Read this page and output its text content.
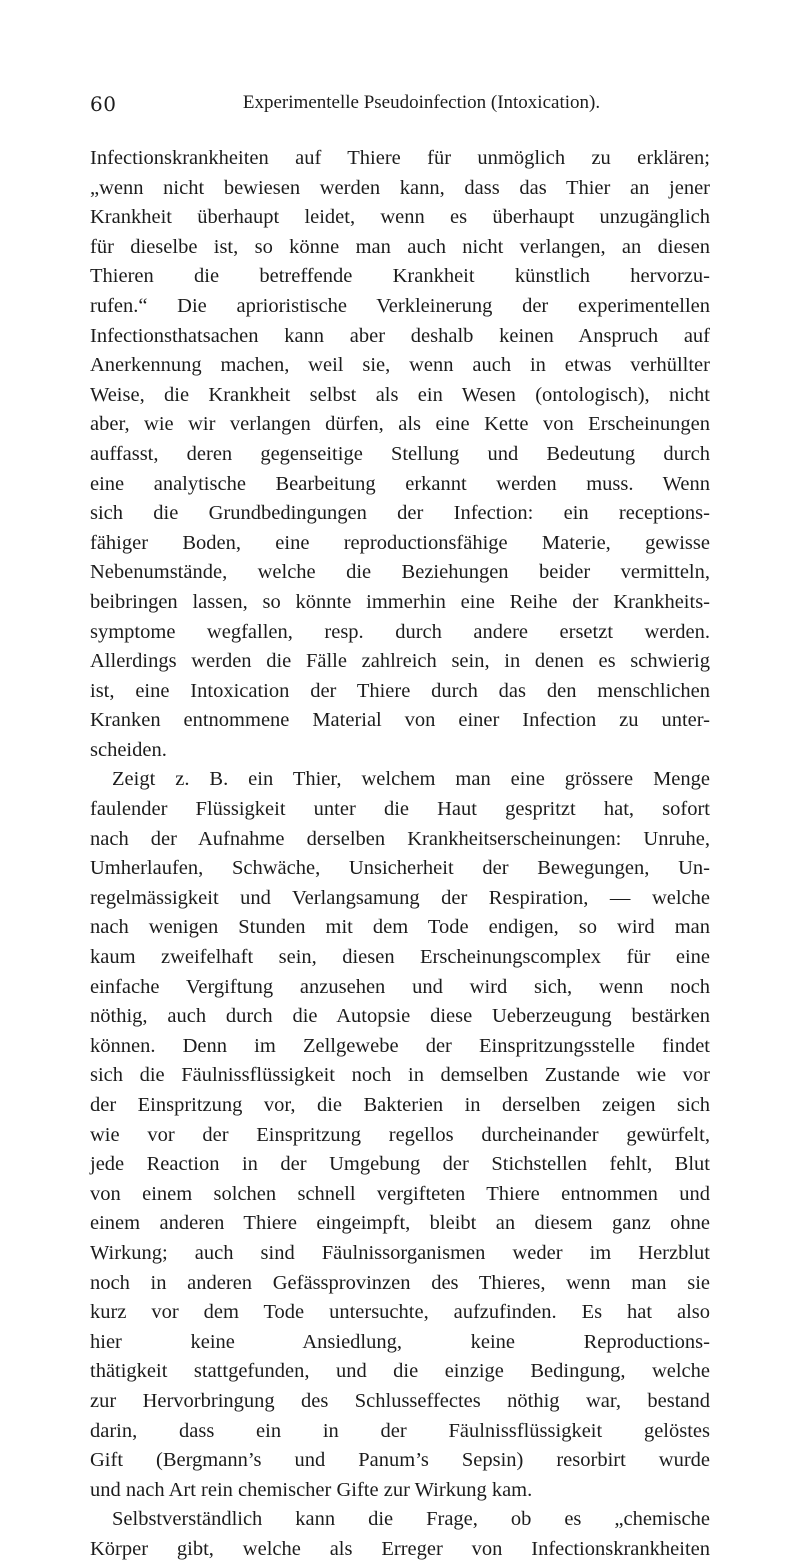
60	Experimentelle Pseudoinfection (Intoxication).
Infectionskrankheiten auf Thiere für unmöglich zu erklären;
„wenn nicht bewiesen werden kann, dass das Thier an jener
Krankheit überhaupt leidet, wenn es überhaupt unzugänglich
für dieselbe ist, so könne man auch nicht verlangen, an diesen
Thieren die betreffende Krankheit künstlich hervorzu-
rufen.“ Die aprioristische Verkleinerung der experimentellen
Infectionsthatsachen kann aber deshalb keinen Anspruch auf
Anerkennung machen, weil sie, wenn auch in etwas verhüllter
Weise, die Krankheit selbst als ein Wesen (ontologisch), nicht
aber, wie wir verlangen dürfen, als eine Kette von Erscheinungen
auffasst, deren gegenseitige Stellung und Bedeutung durch
eine analytische Bearbeitung erkannt werden muss. Wenn
sich die Grundbedingungen der Infection: ein receptions-
fähiger Boden, eine reproductionsfähige Materie, gewisse
Nebenumstände, welche die Beziehungen beider vermitteln,
beibringen lassen, so könnte immerhin eine Reihe der Krankheits-
symptome wegfallen, resp. durch andere ersetzt werden.
Allerdings werden die Fälle zahlreich sein, in denen es schwierig
ist, eine Intoxication der Thiere durch das den menschlichen
Kranken entnommene Material von einer Infection zu unter-
scheiden.
Zeigt z. B. ein Thier, welchem man eine grössere Menge
faulender Flüssigkeit unter die Haut gespritzt hat, sofort
nach der Aufnahme derselben Krankheitserscheinungen: Unruhe,
Umherlaufen, Schwäche, Unsicherheit der Bewegungen, Un-
regelmässigkeit und Verlangsamung der Respiration, — welche
nach wenigen Stunden mit dem Tode endigen, so wird man
kaum zweifelhaft sein, diesen Erscheinungscomplex für eine
einfache Vergiftung anzusehen und wird sich, wenn noch
nöthig, auch durch die Autopsie diese Ueberzeugung bestärken
können. Denn im Zellgewebe der Einspritzungsstelle findet
sich die Fäulnissflüssigkeit noch in demselben Zustande wie vor
der Einspritzung vor, die Bakterien in derselben zeigen sich
wie vor der Einspritzung regellos durcheinander gewürfelt,
jede Reaction in der Umgebung der Stichstellen fehlt, Blut
von einem solchen schnell vergifteten Thiere entnommen und
einem anderen Thiere eingeimpft, bleibt an diesem ganz ohne
Wirkung; auch sind Fäulnissorganismen weder im Herzblut
noch in anderen Gefässprovinzen des Thieres, wenn man sie
kurz vor dem Tode untersuchte, aufzufinden. Es hat also
hier keine Ansiedlung, keine Reproductions-
thätigkeit stattgefunden, und die einzige Bedingung, welche
zur Hervorbringung des Schlusseffectes nöthig war, bestand
darin, dass ein in der Fäulnissflüssigkeit gelöstes
Gift (Bergmann’s und Panum’s Sepsin) resorbirt wurde
und nach Art rein chemischer Gifte zur Wirkung kam.
Selbstverständlich kann die Frage, ob es „chemische
Körper gibt, welche als Erreger von Infectionskrankheiten
